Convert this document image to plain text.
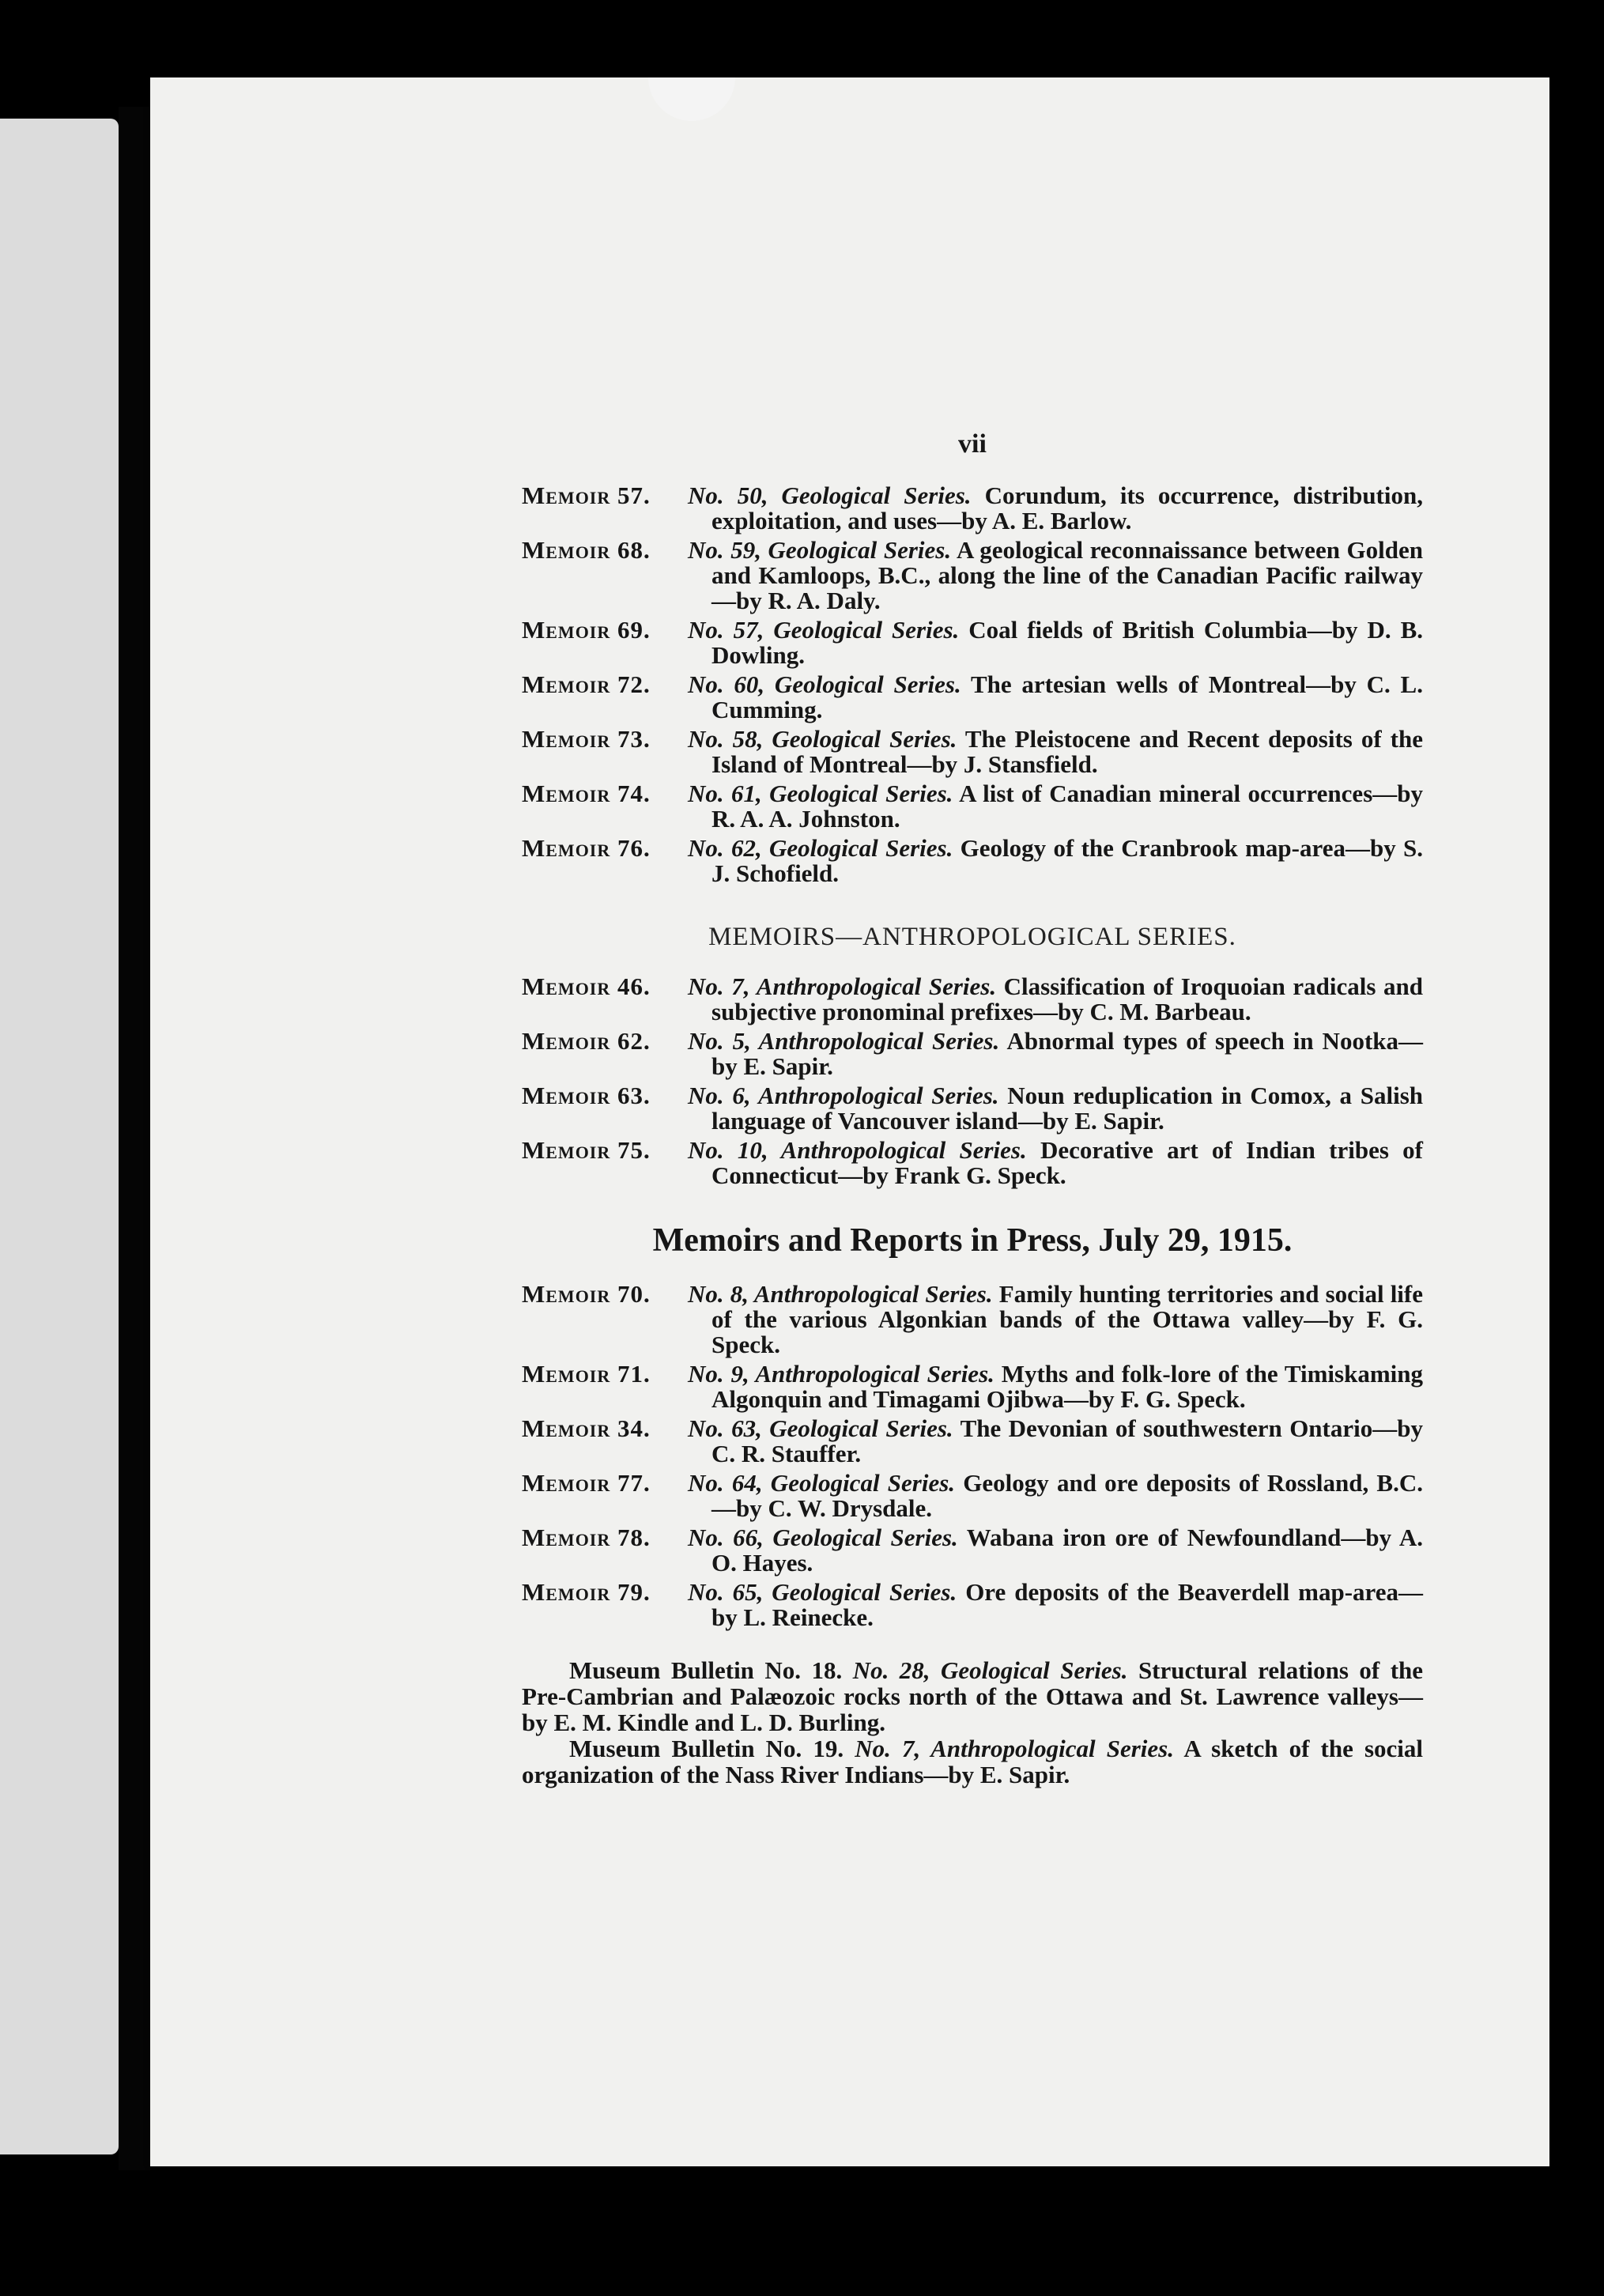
vii
Memoir 57.	No. 50, Geological Series. Corundum, its occurrence, distribution, exploitation, and uses—by A. E. Barlow.
Memoir 68.	No. 59, Geological Series. A geological reconnaissance between Golden and Kamloops, B.C., along the line of the Canadian Pacific railway—by R. A. Daly.
Memoir 69.	No. 57, Geological Series. Coal fields of British Columbia—by D. B. Dowling.
Memoir 72.	No. 60, Geological Series. The artesian wells of Montreal—by C. L. Cumming.
Memoir 73.	No. 58, Geological Series. The Pleistocene and Recent deposits of the Island of Montreal—by J. Stansfield.
Memoir 74.	No. 61, Geological Series. A list of Canadian mineral occurrences—by R. A. A. Johnston.
Memoir 76.	No. 62, Geological Series. Geology of the Cranbrook map-area—by S. J. Schofield.
MEMOIRS—ANTHROPOLOGICAL SERIES.
Memoir 46.	No. 7, Anthropological Series. Classification of Iroquoian radicals and subjective pronominal prefixes—by C. M. Barbeau.
Memoir 62.	No. 5, Anthropological Series. Abnormal types of speech in Nootka—by E. Sapir.
Memoir 63.	No. 6, Anthropological Series. Noun reduplication in Comox, a Salish language of Vancouver island—by E. Sapir.
Memoir 75.	No. 10, Anthropological Series. Decorative art of Indian tribes of Connecticut—by Frank G. Speck.
Memoirs and Reports in Press, July 29, 1915.
Memoir 70.	No. 8, Anthropological Series. Family hunting territories and social life of the various Algonkian bands of the Ottawa valley—by F. G. Speck.
Memoir 71.	No. 9, Anthropological Series. Myths and folk-lore of the Timiskaming Algonquin and Timagami Ojibwa—by F. G. Speck.
Memoir 34.	No. 63, Geological Series. The Devonian of southwestern Ontario—by C. R. Stauffer.
Memoir 77.	No. 64, Geological Series. Geology and ore deposits of Rossland, B.C.—by C. W. Drysdale.
Memoir 78.	No. 66, Geological Series. Wabana iron ore of Newfoundland—by A. O. Hayes.
Memoir 79.	No. 65, Geological Series. Ore deposits of the Beaverdell map-area—by L. Reinecke.

Museum Bulletin No. 18. No. 28, Geological Series. Structural relations of the Pre-Cambrian and Palæozoic rocks north of the Ottawa and St. Lawrence valleys—by E. M. Kindle and L. D. Burling.

Museum Bulletin No. 19. No. 7, Anthropological Series. A sketch of the social organization of the Nass River Indians—by E. Sapir.
